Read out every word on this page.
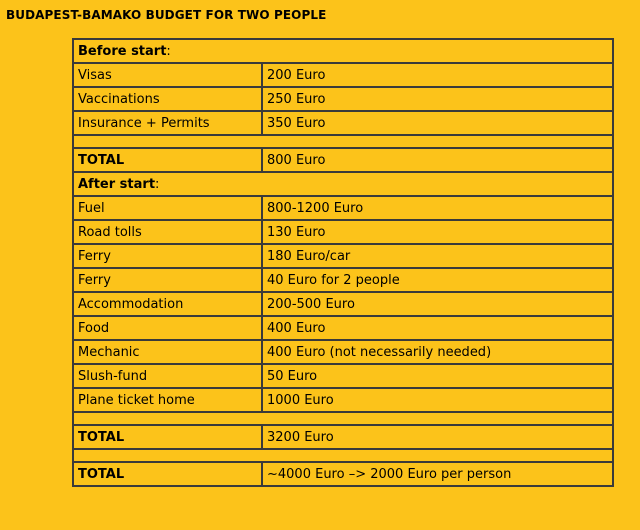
BUDAPEST-BAMAKO BUDGET FOR TWO PEOPLE
Before start:	
Visas	200 Euro
Vaccinations	250 Euro
Insurance + Permits	350 Euro

TOTAL	800 Euro
After start:	
Fuel	800-1200 Euro
Road tolls	130 Euro
Ferry	180 Euro/car
Ferry	40 Euro for 2 people
Accommodation	200-500 Euro
Food	400 Euro
Mechanic	400 Euro (not necessarily needed)
Slush-fund	50 Euro
Plane ticket home	1000 Euro

TOTAL	3200 Euro

TOTAL	~4000 Euro –> 2000 Euro per person
